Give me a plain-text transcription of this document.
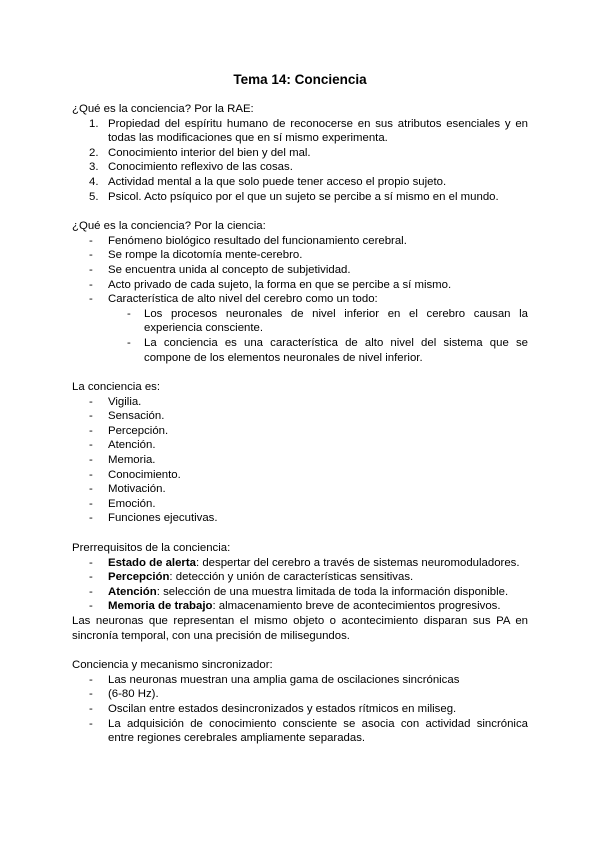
Tema 14: Conciencia

¿Qué es la conciencia? Por la RAE:

1. Propiedad del espíritu humano de reconocerse en sus atributos esenciales y en todas las modificaciones que en sí mismo experimenta.
2. Conocimiento interior del bien y del mal.
3. Conocimiento reflexivo de las cosas.
4. Actividad mental a la que solo puede tener acceso el propio sujeto.
5. Psicol. Acto psíquico por el que un sujeto se percibe a sí mismo en el mundo.

¿Qué es la conciencia? Por la ciencia:

- Fenómeno biológico resultado del funcionamiento cerebral.
- Se rompe la dicotomía mente-cerebro.
- Se encuentra unida al concepto de subjetividad.
- Acto privado de cada sujeto, la forma en que se percibe a sí mismo.
- Característica de alto nivel del cerebro como un todo:
- Los procesos neuronales de nivel inferior en el cerebro causan la experiencia consciente.
- La conciencia es una característica de alto nivel del sistema que se compone de los elementos neuronales de nivel inferior.

La conciencia es:

- Vigilia.
- Sensación.
- Percepción.
- Atención.
- Memoria.
- Conocimiento.
- Motivación.
- Emoción.
- Funciones ejecutivas.

Prerrequisitos de la conciencia:

- Estado de alerta: despertar del cerebro a través de sistemas neuromoduladores.
- Percepción: detección y unión de características sensitivas.
- Atención: selección de una muestra limitada de toda la información disponible.
- Memoria de trabajo: almacenamiento breve de acontecimientos progresivos.

Las neuronas que representan el mismo objeto o acontecimiento disparan sus PA en sincronía temporal, con una precisión de milisegundos.

Conciencia y mecanismo sincronizador:

- Las neuronas muestran una amplia gama de oscilaciones sincrónicas
- (6-80 Hz).
- Oscilan entre estados desincronizados y estados rítmicos en miliseg.
- La adquisición de conocimiento consciente se asocia con actividad sincrónica entre regiones cerebrales ampliamente separadas.
